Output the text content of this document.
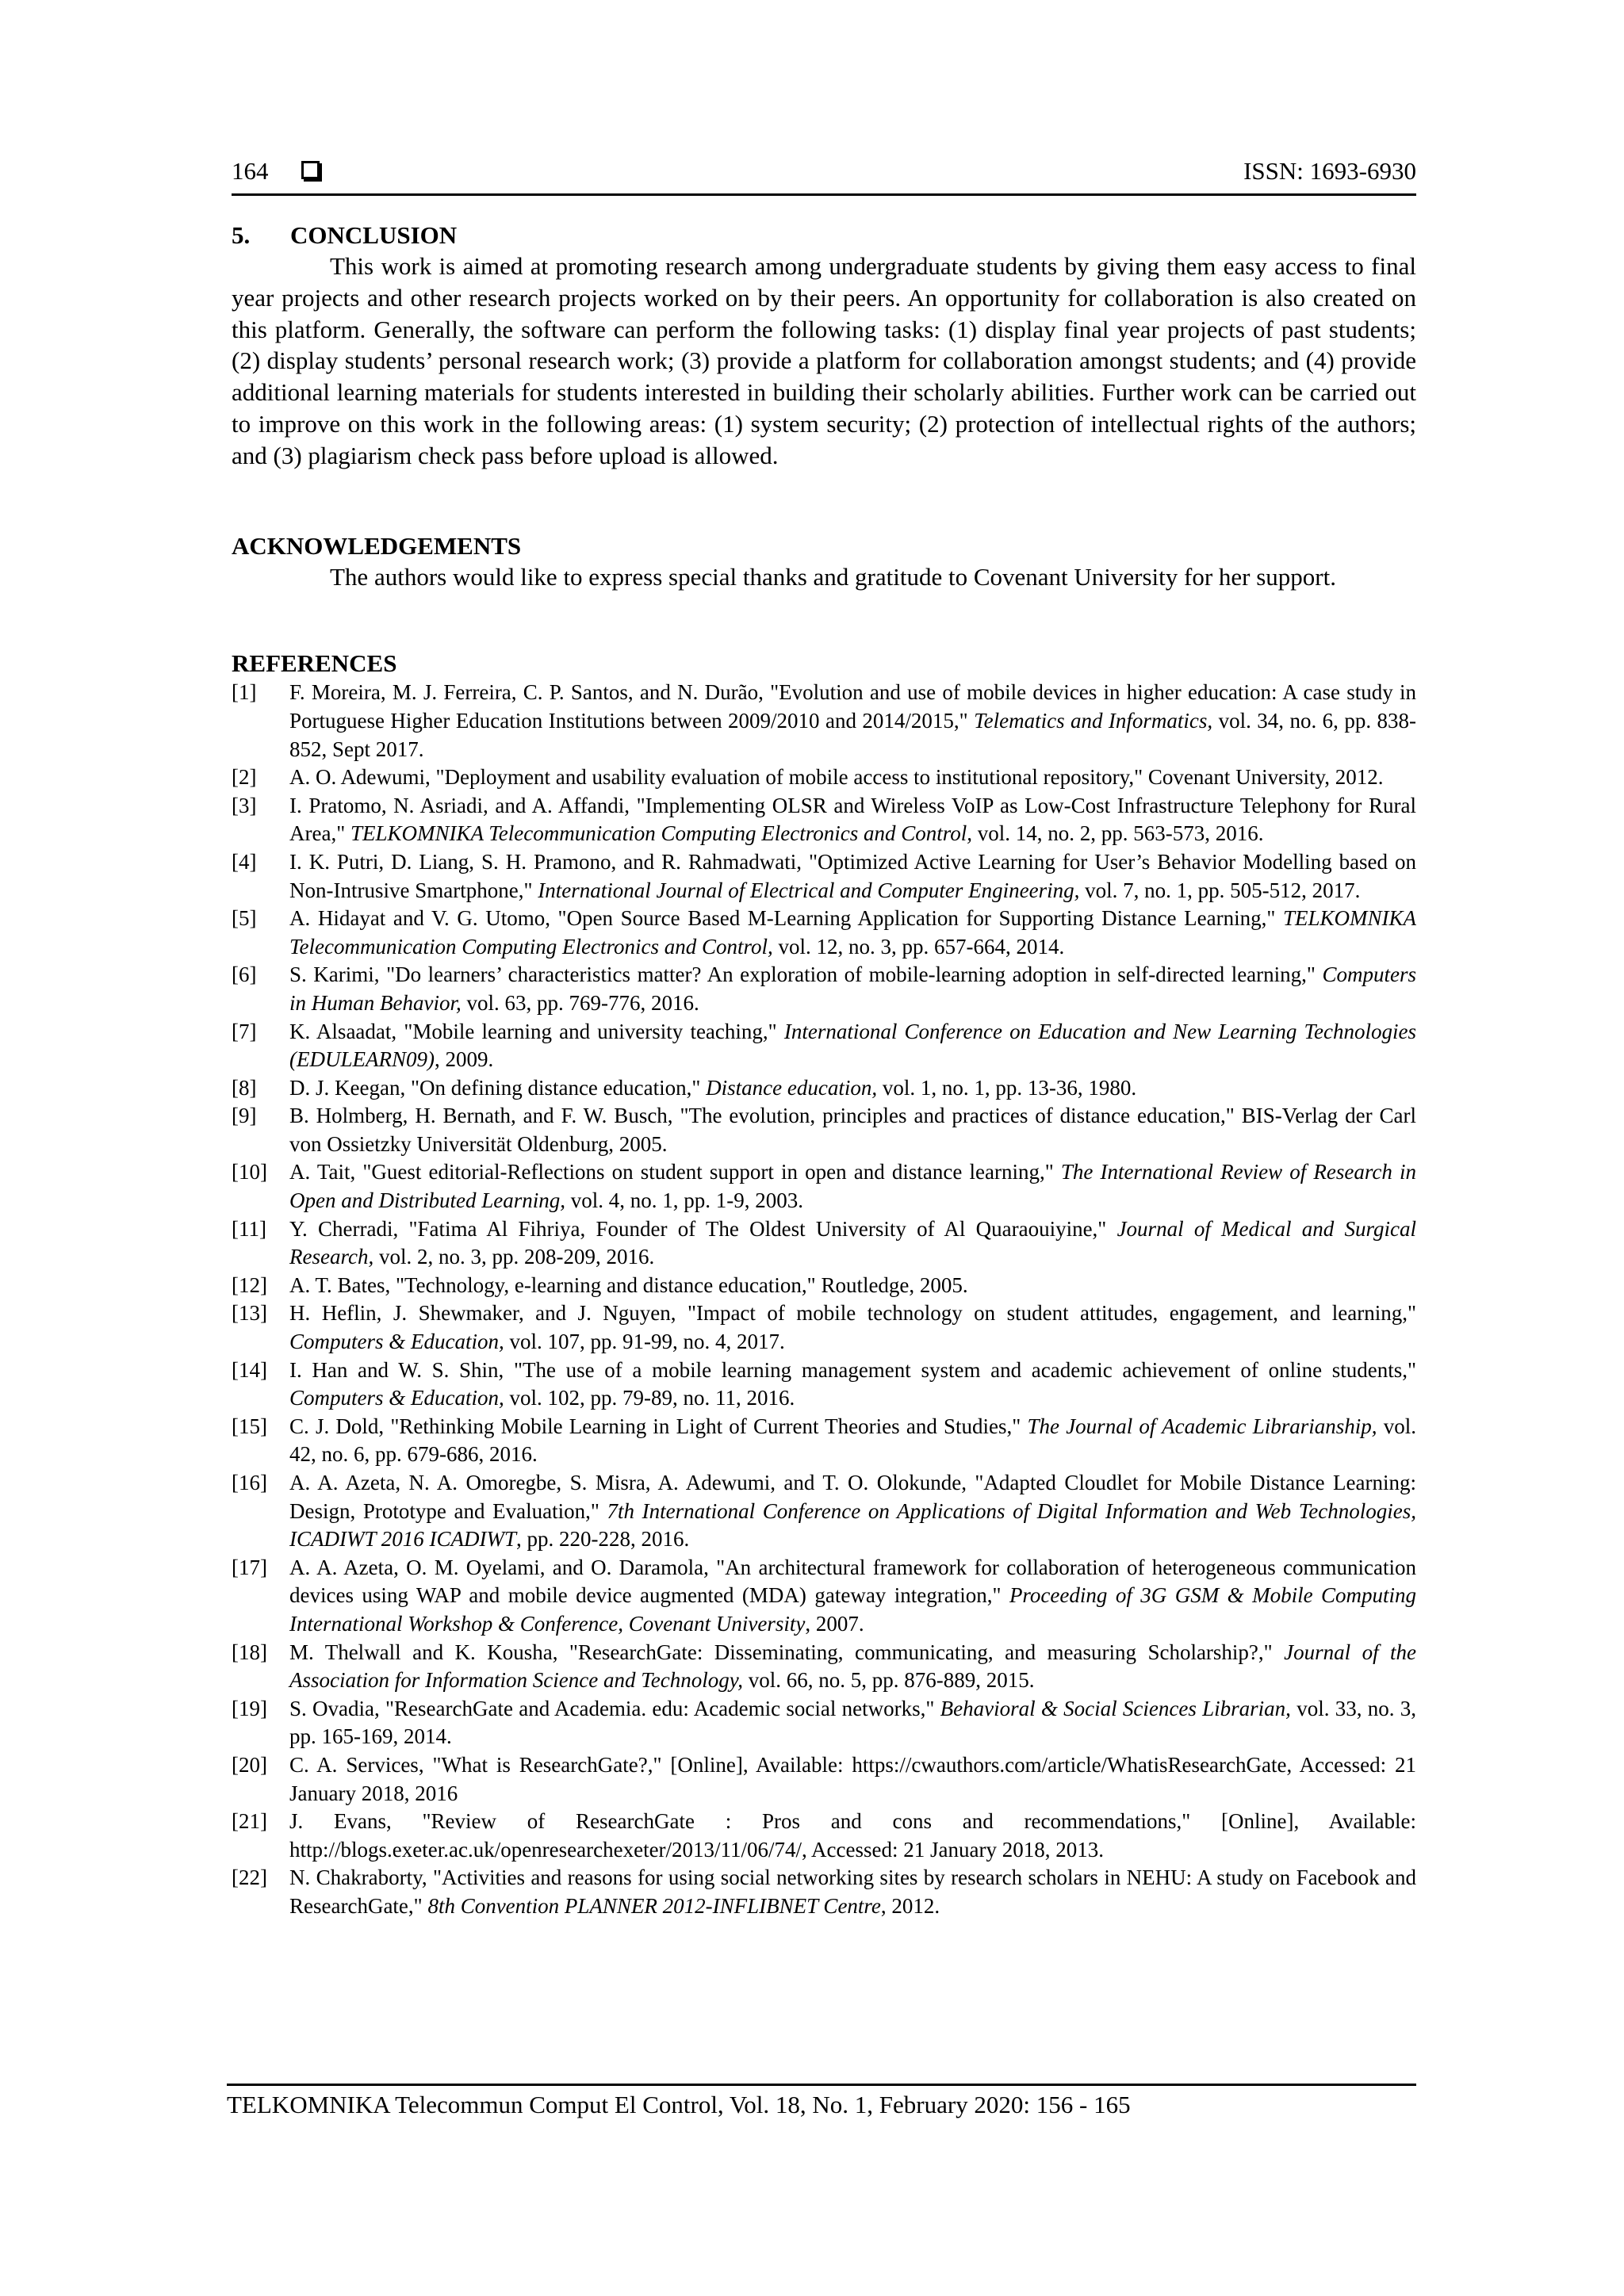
164	ISSN: 1693-6930
5. CONCLUSION

This work is aimed at promoting research among undergraduate students by giving them easy access to final year projects and other research projects worked on by their peers. An opportunity for collaboration is also created on this platform. Generally, the software can perform the following tasks: (1) display final year projects of past students; (2) display students’ personal research work; (3) provide a platform for collaboration amongst students; and (4) provide additional learning materials for students interested in building their scholarly abilities. Further work can be carried out to improve on this work in the following areas: (1) system security; (2) protection of intellectual rights of the authors; and (3) plagiarism check pass before upload is allowed.

ACKNOWLEDGEMENTS

The authors would like to express special thanks and gratitude to Covenant University for her support.

REFERENCES
[1] F. Moreira, M. J. Ferreira, C. P. Santos, and N. Durão, "Evolution and use of mobile devices in higher education: A case study in Portuguese Higher Education Institutions between 2009/2010 and 2014/2015," Telematics and Informatics, vol. 34, no. 6, pp. 838-852, Sept 2017.
[2] A. O. Adewumi, "Deployment and usability evaluation of mobile access to institutional repository," Covenant University, 2012.
[3] I. Pratomo, N. Asriadi, and A. Affandi, "Implementing OLSR and Wireless VoIP as Low-Cost Infrastructure Telephony for Rural Area," TELKOMNIKA Telecommunication Computing Electronics and Control, vol. 14, no. 2, pp. 563-573, 2016.
[4] I. K. Putri, D. Liang, S. H. Pramono, and R. Rahmadwati, "Optimized Active Learning for User’s Behavior Modelling based on Non-Intrusive Smartphone," International Journal of Electrical and Computer Engineering, vol. 7, no. 1, pp. 505-512, 2017.
[5] A. Hidayat and V. G. Utomo, "Open Source Based M-Learning Application for Supporting Distance Learning," TELKOMNIKA Telecommunication Computing Electronics and Control, vol. 12, no. 3, pp. 657-664, 2014.
[6] S. Karimi, "Do learners’ characteristics matter? An exploration of mobile-learning adoption in self-directed learning," Computers in Human Behavior, vol. 63, pp. 769-776, 2016.
[7] K. Alsaadat, "Mobile learning and university teaching," International Conference on Education and New Learning Technologies (EDULEARN09), 2009.
[8] D. J. Keegan, "On defining distance education," Distance education, vol. 1, no. 1, pp. 13-36, 1980.
[9] B. Holmberg, H. Bernath, and F. W. Busch, "The evolution, principles and practices of distance education," BIS-Verlag der Carl von Ossietzky Universität Oldenburg, 2005.
[10] A. Tait, "Guest editorial-Reflections on student support in open and distance learning," The International Review of Research in Open and Distributed Learning, vol. 4, no. 1, pp. 1-9, 2003.
[11] Y. Cherradi, "Fatima Al Fihriya, Founder of The Oldest University of Al Quaraouiyine," Journal of Medical and Surgical Research, vol. 2, no. 3, pp. 208-209, 2016.
[12] A. T. Bates, "Technology, e-learning and distance education," Routledge, 2005.
[13] H. Heflin, J. Shewmaker, and J. Nguyen, "Impact of mobile technology on student attitudes, engagement, and learning," Computers & Education, vol. 107, pp. 91-99, no. 4, 2017.
[14] I. Han and W. S. Shin, "The use of a mobile learning management system and academic achievement of online students," Computers & Education, vol. 102, pp. 79-89, no. 11, 2016.
[15] C. J. Dold, "Rethinking Mobile Learning in Light of Current Theories and Studies," The Journal of Academic Librarianship, vol. 42, no. 6, pp. 679-686, 2016.
[16] A. A. Azeta, N. A. Omoregbe, S. Misra, A. Adewumi, and T. O. Olokunde, "Adapted Cloudlet for Mobile Distance Learning: Design, Prototype and Evaluation," 7th International Conference on Applications of Digital Information and Web Technologies, ICADIWT 2016 ICADIWT, pp. 220-228, 2016.
[17] A. A. Azeta, O. M. Oyelami, and O. Daramola, "An architectural framework for collaboration of heterogeneous communication devices using WAP and mobile device augmented (MDA) gateway integration," Proceeding of 3G GSM & Mobile Computing International Workshop & Conference, Covenant University, 2007.
[18] M. Thelwall and K. Kousha, "ResearchGate: Disseminating, communicating, and measuring Scholarship?," Journal of the Association for Information Science and Technology, vol. 66, no. 5, pp. 876-889, 2015.
[19] S. Ovadia, "ResearchGate and Academia. edu: Academic social networks," Behavioral & Social Sciences Librarian, vol. 33, no. 3, pp. 165-169, 2014.
[20] C. A. Services, "What is ResearchGate?," [Online], Available: https://cwauthors.com/article/WhatisResearchGate, Accessed: 21 January 2018, 2016
[21] J. Evans, "Review of ResearchGate : Pros and cons and recommendations," [Online], Available: http://blogs.exeter.ac.uk/openresearchexeter/2013/11/06/74/, Accessed: 21 January 2018, 2013.
[22] N. Chakraborty, "Activities and reasons for using social networking sites by research scholars in NEHU: A study on Facebook and ResearchGate," 8th Convention PLANNER 2012-INFLIBNET Centre, 2012.
TELKOMNIKA Telecommun Comput El Control, Vol. 18, No. 1, February 2020: 156 - 165
